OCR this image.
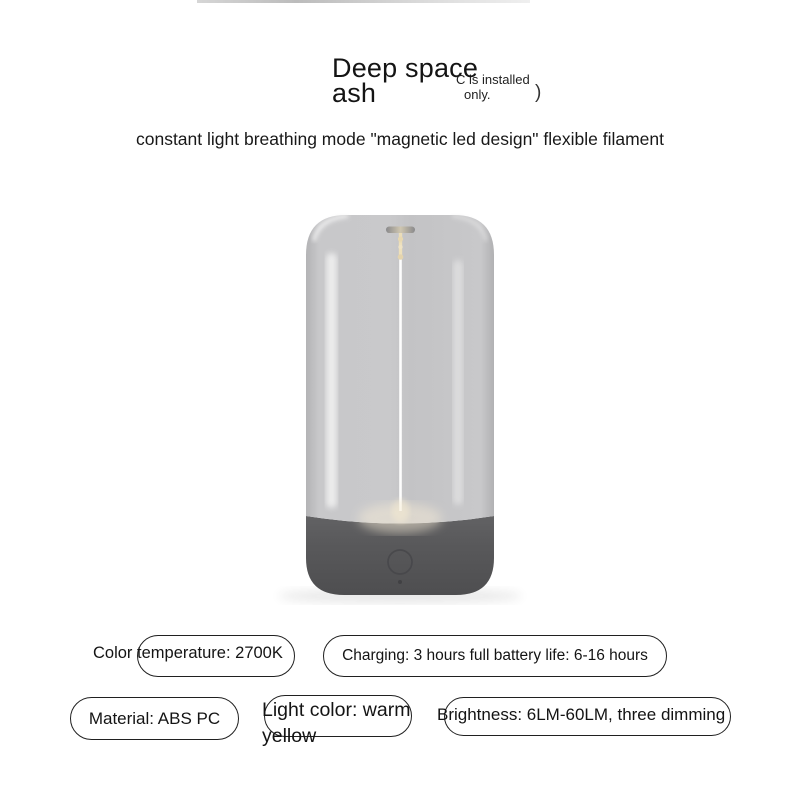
Deep space
ash	C is installed
only.	)
constant light breathing mode "magnetic led design" flexible filament
Color temperature: 2700K	Charging: 3 hours full battery life: 6-16 hours
Material: ABS PC Light color: warm yellow
Brightness: 6LM-60LM, three dimming
